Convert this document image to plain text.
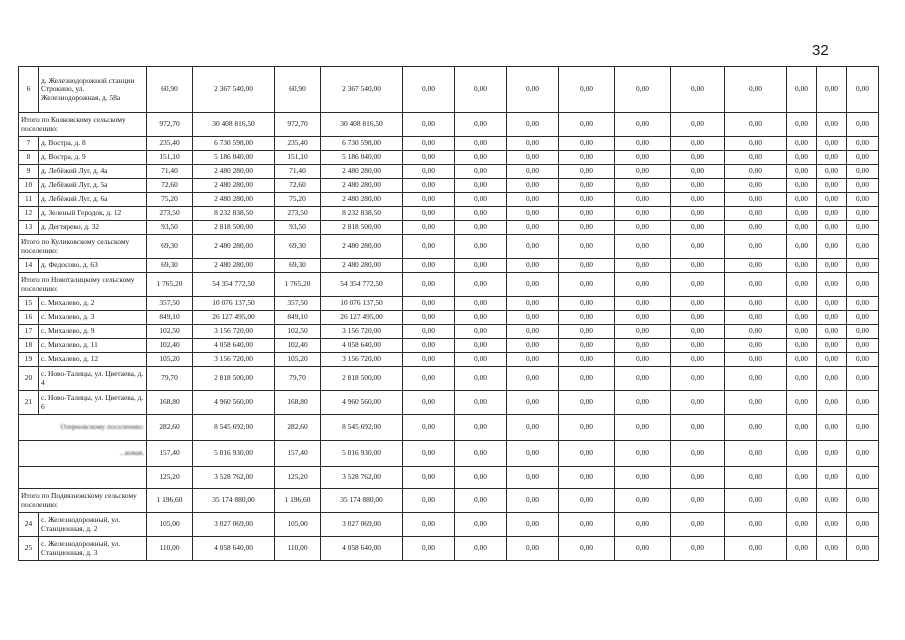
32
6	д. Железнодорожной станции Строкино, ул. Железнодорожная, д. 58а	60,90	2 367 540,00	60,90	2 367 540,00	0,00	0,00	0,00	0,00	0,00	0,00	0,00	0,00	0,00	0,00
Итого по Колковскому сельскому поселению:		972,70	30 408 816,50	972,70	30 408 816,50	0,00	0,00	0,00	0,00	0,00	0,00	0,00	0,00	0,00	0,00
7	д. Вострa, д. 8	235,40	6 730 598,00	235,40	6 730 598,00	0,00	0,00	0,00	0,00	0,00	0,00	0,00	0,00	0,00	0,00
8	д. Вострa, д. 9	151,10	5 186 040,00	151,10	5 186 040,00	0,00	0,00	0,00	0,00	0,00	0,00	0,00	0,00	0,00	0,00
9	д. Лебёжий Луг, д. 4а	71,40	2 480 280,00	71,40	2 480 280,00	0,00	0,00	0,00	0,00	0,00	0,00	0,00	0,00	0,00	0,00
10	д. Лебёжий Луг, д. 5а	72,60	2 480 280,00	72,60	2 480 280,00	0,00	0,00	0,00	0,00	0,00	0,00	0,00	0,00	0,00	0,00
11	д. Лебёжий Луг, д. 6а	75,20	2 480 280,00	75,20	2 480 280,00	0,00	0,00	0,00	0,00	0,00	0,00	0,00	0,00	0,00	0,00
12	д. Зеленый Городок, д. 12	273,50	8 232 838,50	273,50	8 232 838,50	0,00	0,00	0,00	0,00	0,00	0,00	0,00	0,00	0,00	0,00
13	д. Дегтярево, д. 32	93,50	2 818 500,00	93,50	2 818 500,00	0,00	0,00	0,00	0,00	0,00	0,00	0,00	0,00	0,00	0,00
Итого по Куликовскому сельскому поселению:		69,30	2 480 280,00	69,30	2 480 280,00	0,00	0,00	0,00	0,00	0,00	0,00	0,00	0,00	0,00	0,00
14	д. Федосово, д. 63	69,30	2 480 280,00	69,30	2 480 280,00	0,00	0,00	0,00	0,00	0,00	0,00	0,00	0,00	0,00	0,00
Итого по Новоталицкому сельскому поселению:		1 765,20	54 354 772,50	1 765,20	54 354 772,50	0,00	0,00	0,00	0,00	0,00	0,00	0,00	0,00	0,00	0,00
15	с. Михалево, д. 2	357,50	10 076 137,50	357,50	10 076 137,50	0,00	0,00	0,00	0,00	0,00	0,00	0,00	0,00	0,00	0,00
16	с. Михалево, д. 3	849,10	26 127 495,00	849,10	26 127 495,00	0,00	0,00	0,00	0,00	0,00	0,00	0,00	0,00	0,00	0,00
17	с. Михалево, д. 9	102,50	3 156 720,00	102,50	3 156 720,00	0,00	0,00	0,00	0,00	0,00	0,00	0,00	0,00	0,00	0,00
18	с. Михалево, д. 11	102,40	4 058 640,00	102,40	4 058 640,00	0,00	0,00	0,00	0,00	0,00	0,00	0,00	0,00	0,00	0,00
19	с. Михалево, д. 12	105,20	3 156 720,00	105,20	3 156 720,00	0,00	0,00	0,00	0,00	0,00	0,00	0,00	0,00	0,00	0,00
20	с. Ново-Талицы, ул. Цветаева, д. 4	79,70	2 818 500,00	79,70	2 818 500,00	0,00	0,00	0,00	0,00	0,00	0,00	0,00	0,00	0,00	0,00
21	с. Ново-Талицы, ул. Цветаева, д. 6	168,80	4 960 560,00	168,80	4 960 560,00	0,00	0,00	0,00	0,00	0,00	0,00	0,00	0,00	0,00	0,00
Озерновскому поселению:		282,60	8 545 692,00	282,60	8 545 692,00	0,00	0,00	0,00	0,00	0,00	0,00	0,00	0,00	0,00	0,00
...ковая,		157,40	5 016 930,00	157,40	5 016 930,00	0,00	0,00	0,00	0,00	0,00	0,00	0,00	0,00	0,00	0,00
		125,20	3 528 762,00	125,20	3 528 762,00	0,00	0,00	0,00	0,00	0,00	0,00	0,00	0,00	0,00	0,00
Итого по Подвязновскому сельскому поселению:		1 196,60	35 174 880,00	1 196,60	35 174 880,00	0,00	0,00	0,00	0,00	0,00	0,00	0,00	0,00	0,00	0,00
24	с. Железнодорожный, ул. Станционная, д. 2	105,00	3 027 069,00	105,00	3 027 069,00	0,00	0,00	0,00	0,00	0,00	0,00	0,00	0,00	0,00	0,00
25	с. Железнодорожный, ул. Станционная, д. 3	110,00	4 058 640,00	110,00	4 058 640,00	0,00	0,00	0,00	0,00	0,00	0,00	0,00	0,00	0,00	0,00
